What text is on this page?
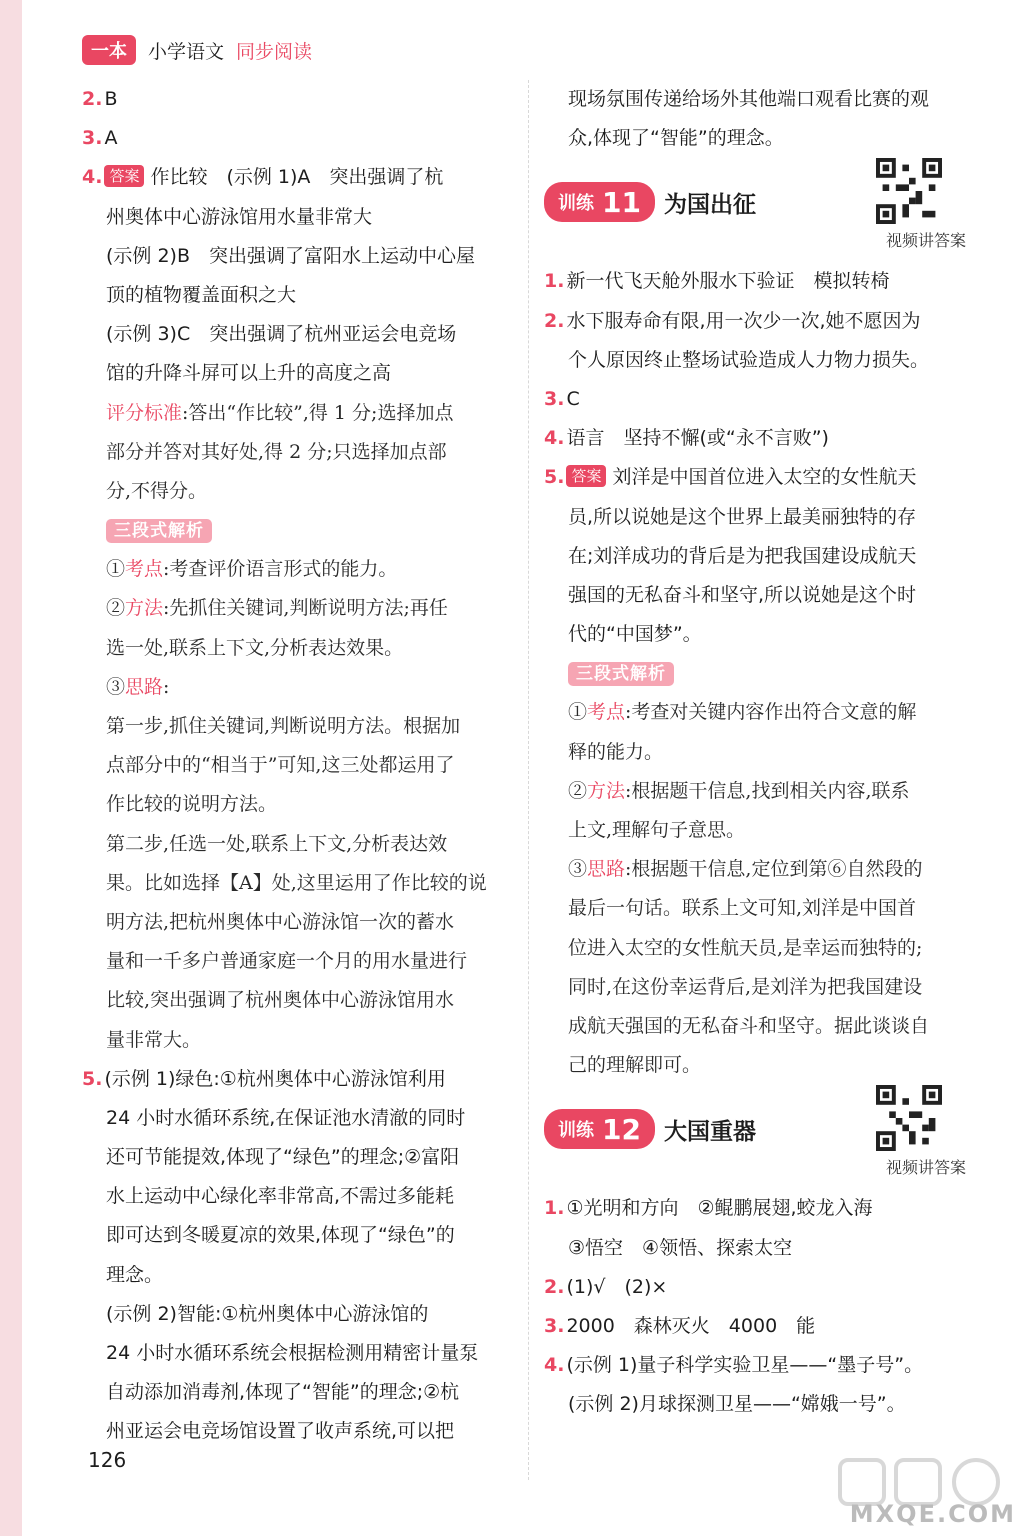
一本	小学语文 同步阅读
2. B
3. A
4. 答案 作比较　(示例 1)A　突出强调了杭
州奥体中心游泳馆用水量非常大
(示例 2)B　突出强调了富阳水上运动中心屋
顶的植物覆盖面积之大
(示例 3)C　突出强调了杭州亚运会电竞场
馆的升降斗屏可以上升的高度之高
评分标准:答出“作比较”,得 1 分;选择加点
部分并答对其好处,得 2 分;只选择加点部
分,不得分。
三段式解析
①考点:考查评价语言形式的能力。
②方法:先抓住关键词,判断说明方法;再任
选一处,联系上下文,分析表达效果。
③思路:
第一步,抓住关键词,判断说明方法。根据加
点部分中的“相当于”可知,这三处都运用了
作比较的说明方法。
第二步,任选一处,联系上下文,分析表达效
果。比如选择【A】处,这里运用了作比较的说
明方法,把杭州奥体中心游泳馆一次的蓄水
量和一千多户普通家庭一个月的用水量进行
比较,突出强调了杭州奥体中心游泳馆用水
量非常大。
5. (示例 1)绿色:①杭州奥体中心游泳馆利用
24 小时水循环系统,在保证池水清澈的同时
还可节能提效,体现了“绿色”的理念;②富阳
水上运动中心绿化率非常高,不需过多能耗
即可达到冬暖夏凉的效果,体现了“绿色”的
理念。
(示例 2)智能:①杭州奥体中心游泳馆的
24 小时水循环系统会根据检测用精密计量泵
自动添加消毒剂,体现了“智能”的理念;②杭
州亚运会电竞场馆设置了收声系统,可以把
现场氛围传递给场外其他端口观看比赛的观
众,体现了“智能”的理念。
训练 11 为国出征
视频讲答案
1. 新一代飞天舱外服水下验证　模拟转椅
2. 水下服寿命有限,用一次少一次,她不愿因为
个人原因终止整场试验造成人力物力损失。
3. C
4. 语言　坚持不懈(或“永不言败”)
5. 答案 刘洋是中国首位进入太空的女性航天
员,所以说她是这个世界上最美丽独特的存
在;刘洋成功的背后是为把我国建设成航天
强国的无私奋斗和坚守,所以说她是这个时
代的“中国梦”。
三段式解析
①考点:考查对关键内容作出符合文意的解
释的能力。
②方法:根据题干信息,找到相关内容,联系
上文,理解句子意思。
③思路:根据题干信息,定位到第⑥自然段的
最后一句话。联系上文可知,刘洋是中国首
位进入太空的女性航天员,是幸运而独特的;
同时,在这份幸运背后,是刘洋为把我国建设
成航天强国的无私奋斗和坚守。据此谈谈自
己的理解即可。
训练 12 大国重器
视频讲答案
1. ①光明和方向　②鲲鹏展翅,蛟龙入海
③悟空　④领悟、探索太空
2. (1)√　(2)×
3. 2000　森林灭火　4000　能
4. (示例 1)量子科学实验卫星——“墨子号”。
(示例 2)月球探测卫星——“嫦娥一号”。
126
MXQE.COM
